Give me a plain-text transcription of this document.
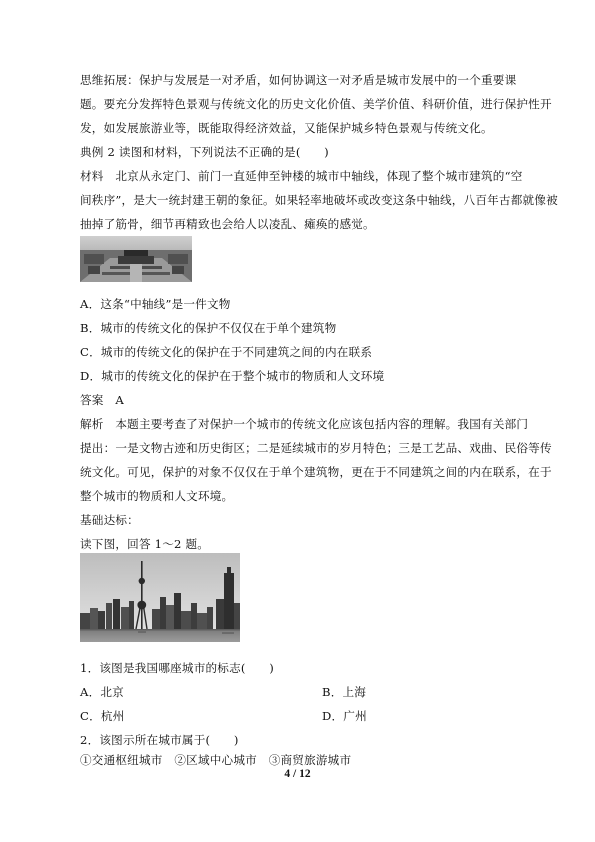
思维拓展：保护与发展是一对矛盾，如何协调这一对矛盾是城市发展中的一个重要课
题。要充分发挥特色景观与传统文化的历史文化价值、美学价值、科研价值，进行保护性开
发，如发展旅游业等，既能取得经济效益，又能保护城乡特色景观与传统文化。
典例 2 读图和材料，下列说法不正确的是(　　)
材料　北京从永定门、前门一直延伸至钟楼的城市中轴线，体现了整个城市建筑的“空
间秩序”，是大一统封建王朝的象征。如果轻率地破坏或改变这条中轴线，八百年古都就像被
抽掉了筋骨，细节再精致也会给人以凌乱、瘫痪的感觉。
A．这条“中轴线”是一件文物
B．城市的传统文化的保护不仅仅在于单个建筑物
C．城市的传统文化的保护在于不同建筑之间的内在联系
D．城市的传统文化的保护在于整个城市的物质和人文环境
答案　A
解析　本题主要考查了对保护一个城市的传统文化应该包括内容的理解。我国有关部门
提出：一是文物古迹和历史街区；二是延续城市的岁月特色；三是工艺品、戏曲、民俗等传
统文化。可见，保护的对象不仅仅在于单个建筑物，更在于不同建筑之间的内在联系，在于
整个城市的物质和人文环境。
基础达标：
读下图，回答 1～2 题。
1．该图是我国哪座城市的标志(　　)
A．北京	B．上海
C．杭州	D．广州
2．该图示所在城市属于(　　)
①交通枢纽城市　②区域中心城市　③商贸旅游城市
4 / 12
